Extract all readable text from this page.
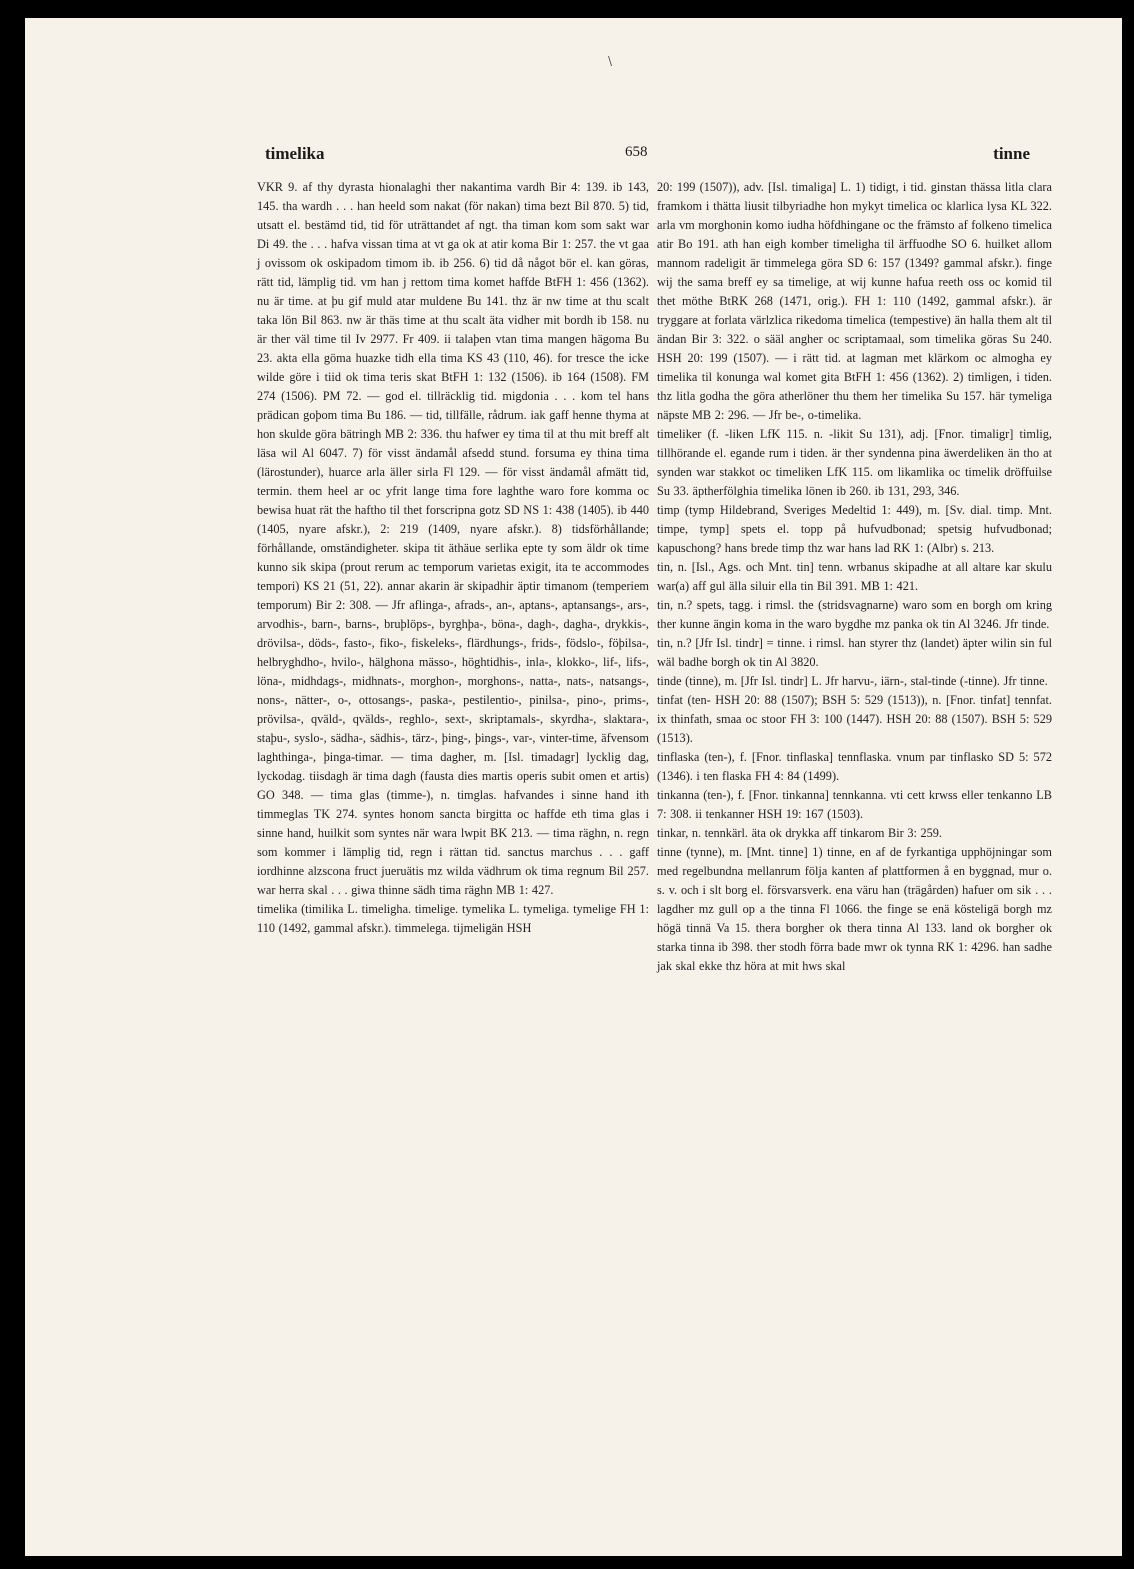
\
timelika	658	tinne

VKR 9. af thy dyrasta hionalaghi ther nakantima vardh Bir 4: 139. ib 143, 145. tha wardh . . . han heeld som nakat (för nakan) tima bezt Bil 870. 5) tid, utsatt el. bestämd tid, tid för uträttandet af ngt. tha timan kom som sakt war Di 49. the . . . hafva vissan tima at vt ga ok at atir koma Bir 1: 257. the vt gaa j ovissom ok oskipadom timom ib. ib 256. 6) tid då något bör el. kan göras, rätt tid, lämplig tid. vm han j rettom tima komet haffde BtFH 1: 456 (1362). nu är time. at þu gif muld atar muldene Bu 141. thz är nw time at thu scalt taka lön Bil 863. nw är thäs time at thu scalt äta vidher mit bordh ib 158. nu är ther väl time til Iv 2977. Fr 409. ii talaþen vtan tima mangen hägoma Bu 23. akta ella göma huazke tidh ella tima KS 43 (110, 46). for tresce the icke wilde göre i tiid ok tima teris skat BtFH 1: 132 (1506). ib 164 (1508). FM 274 (1506). PM 72. — god el. tillräcklig tid. migdonia . . . kom tel hans prädican goþom tima Bu 186. — tid, tillfälle, rådrum. iak gaff henne thyma at hon skulde göra bätringh MB 2: 336. thu hafwer ey tima til at thu mit breff alt läsa wil Al 6047. 7) för visst ändamål afsedd stund. forsuma ey thina tima (lärostunder), huarce arla äller sirla Fl 129. — för visst ändamål afmätt tid, termin. them heel ar oc yfrit lange tima fore laghthe waro fore komma oc bewisa huat rät the haftho til thet forscripna gotz SD NS 1: 438 (1405). ib 440 (1405, nyare afskr.), 2: 219 (1409, nyare afskr.). 8) tidsförhållande; förhållande, omständigheter. skipa tit äthäue serlika epte ty som äldr ok time kunno sik skipa (prout rerum ac temporum varietas exigit, ita te accommodes tempori) KS 21 (51, 22). annar akarin är skipadhir äptir timanom (temperiem temporum) Bir 2: 308. — Jfr aflinga-, afrads-, an-, aptans-, aptansangs-, ars-, arvodhis-, barn-, barns-, bruþlöps-, byrghþa-, böna-, dagh-, dagha-, drykkis-, drövilsa-, döds-, fasto-, fiko-, fiskeleks-, flärdhungs-, frids-, födslo-, föþilsa-, helbryghdho-, hvilo-, hälghona mässo-, höghtidhis-, inla-, klokko-, lif-, lifs-, löna-, midhdags-, midhnats-, morghon-, morghons-, natta-, nats-, natsangs-, nons-, nätter-, o-, ottosangs-, paska-, pestilentio-, pinilsa-, pino-, prims-, prövilsa-, qväld-, qvälds-, reghlo-, sext-, skriptamals-, skyrdha-, slaktara-, staþu-, syslo-, sädha-, sädhis-, tärz-, þing-, þings-, var-, vinter-time, äfvensom laghthinga-, þinga-timar. — tima dagher, m. [Isl. timadagr] lycklig dag, lyckodag. tiisdagh är tima dagh (fausta dies martis operis subit omen et artis) GO 348. — tima glas (timme-), n. timglas. hafvandes i sinne hand ith timmeglas TK 274. syntes honom sancta birgitta oc haffde eth tima glas i sinne hand, huilkit som syntes när wara lwpit BK 213. — tima räghn, n. regn som kommer i lämplig tid, regn i rättan tid. sanctus marchus . . . gaff iordhinne alzscona fruct jueruätis mz wilda vädhrum ok tima regnum Bil 257. war herra skal . . . giwa thinne sädh tima räghn MB 1: 427.

timelika (timilika L. timeligha. timelige. tymelika L. tymeliga. tymelige FH 1: 110 (1492, gammal afskr.). timmelega. tijmeligän HSH

20: 199 (1507)), adv. [Isl. timaliga] L. 1) tidigt, i tid. ginstan thässa litla clara framkom i thätta liusit tilbyriadhe hon mykyt timelica oc klarlica lysa KL 322. arla vm morghonin komo iudha höfdhingane oc the främsto af folkeno timelica atir Bo 191. ath han eigh komber timeligha til ärffuodhe SO 6. huilket allom mannom radeligit är timmelega göra SD 6: 157 (1349? gammal afskr.). finge wij the sama breff ey sa timelige, at wij kunne hafua reeth oss oc komid til thet möthe BtRK 268 (1471, orig.). FH 1: 110 (1492, gammal afskr.). är tryggare at forlata värlzlica rikedoma timelica (tempestive) än halla them alt til ändan Bir 3: 322. o sääl angher oc scriptamaal, som timelika göras Su 240. HSH 20: 199 (1507). — i rätt tid. at lagman met klärkom oc almogha ey timelika til konunga wal komet gita BtFH 1: 456 (1362). 2) timligen, i tiden. thz litla godha the göra atherlöner thu them her timelika Su 157. här tymeliga näpste MB 2: 296. — Jfr be-, o-timelika.

timeliker (f. -liken LfK 115. n. -likit Su 131), adj. [Fnor. timaligr] timlig, tillhörande el. egande rum i tiden. är ther syndenna pina äwerdeliken än tho at synden war stakkot oc timeliken LfK 115. om likamlika oc timelik dröffuilse Su 33. äptherfölghia timelika lönen ib 260. ib 131, 293, 346.

timp (tymp Hildebrand, Sveriges Medeltid 1: 449), m. [Sv. dial. timp. Mnt. timpe, tymp] spets el. topp på hufvudbonad; spetsig hufvudbonad; kapuschong? hans brede timp thz war hans lad RK 1: (Albr) s. 213.

tin, n. [Isl., Ags. och Mnt. tin] tenn. wrbanus skipadhe at all altare kar skulu war(a) aff gul älla siluir ella tin Bil 391. MB 1: 421.

tin, n.? spets, tagg. i rimsl. the (stridsvagnarne) waro som en borgh om kring ther kunne ängin koma in the waro bygdhe mz panka ok tin Al 3246. Jfr tinde.

tin, n.? [Jfr Isl. tindr] = tinne. i rimsl. han styrer thz (landet) äpter wilin sin ful wäl badhe borgh ok tin Al 3820.

tinde (tinne), m. [Jfr Isl. tindr] L. Jfr harvu-, iärn-, stal-tinde (-tinne). Jfr tinne.

tinfat (ten- HSH 20: 88 (1507); BSH 5: 529 (1513)), n. [Fnor. tinfat] tennfat. ix thinfath, smaa oc stoor FH 3: 100 (1447). HSH 20: 88 (1507). BSH 5: 529 (1513).

tinflaska (ten-), f. [Fnor. tinflaska] tennflaska. vnum par tinflasko SD 5: 572 (1346). i ten flaska FH 4: 84 (1499).

tinkanna (ten-), f. [Fnor. tinkanna] tennkanna. vti cett krwss eller tenkanno LB 7: 308. ii tenkanner HSH 19: 167 (1503).

tinkar, n. tennkärl. äta ok drykka aff tinkarom Bir 3: 259.

tinne (tynne), m. [Mnt. tinne] 1) tinne, en af de fyrkantiga upphöjningar som med regelbundna mellanrum följa kanten af plattformen å en byggnad, mur o. s. v. och i slt borg el. försvarsverk. ena väru han (trägården) hafuer om sik . . . lagdher mz gull op a the tinna Fl 1066. the finge se enä kösteligä borgh mz högä tinnä Va 15. thera borgher ok thera tinna Al 133. land ok borgher ok starka tinna ib 398. ther stodh förra bade mwr ok tynna RK 1: 4296. han sadhe jak skal ekke thz höra at mit hws skal
